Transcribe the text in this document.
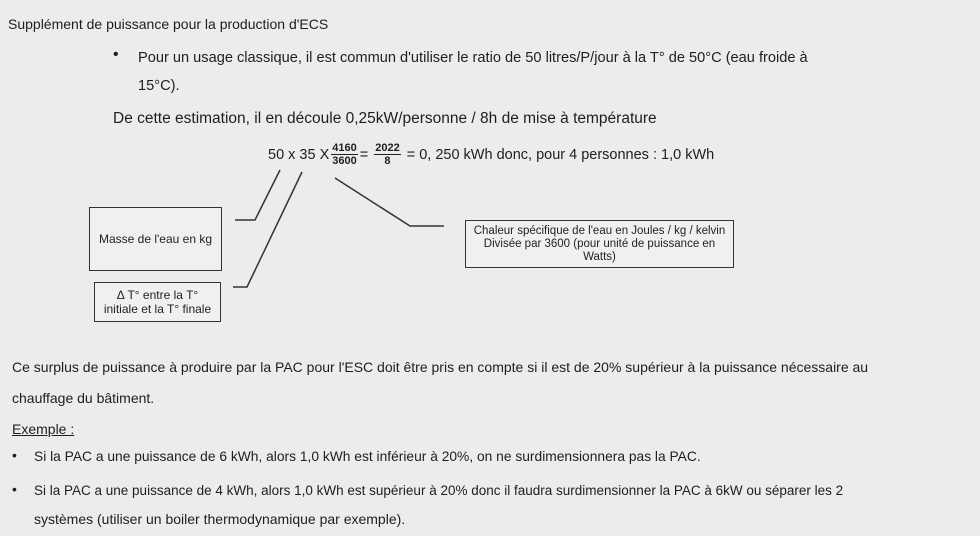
Supplément de puissance pour la production d'ECS
• Pour un usage classique, il est commun d'utiliser le ratio de 50 litres/P/jour à la T° de 50°C (eau froide à
15°C).
De cette estimation, il en découle 0,25kW/personne / 8h de mise à température
50 x 35 X $\frac{4160}{3600} = \frac{2022}{8} = 0$, 250 kWh donc, pour 4 personnes : 1,0 kWh
Masse de l'eau en kg
Δ T° entre la T°
initiale et la T° finale
Chaleur spécifique de l'eau en Joules / kg / kelvin
Divisée par 3600 (pour unité de puissance en
Watts)
Ce surplus de puissance à produire par la PAC pour l'ESC doit être pris en compte si il est de 20% supérieur à la puissance nécessaire au
chauffage du bâtiment.
Exemple :
• Si la PAC a une puissance de 6 kWh, alors 1,0 kWh est inférieur à 20%, on ne surdimensionnera pas la PAC.
• Si la PAC a une puissance de 4 kWh, alors 1,0 kWh est supérieur à 20% donc il faudra surdimensionner la PAC à 6kW ou séparer les 2
systèmes (utiliser un boiler thermodynamique par exemple).
